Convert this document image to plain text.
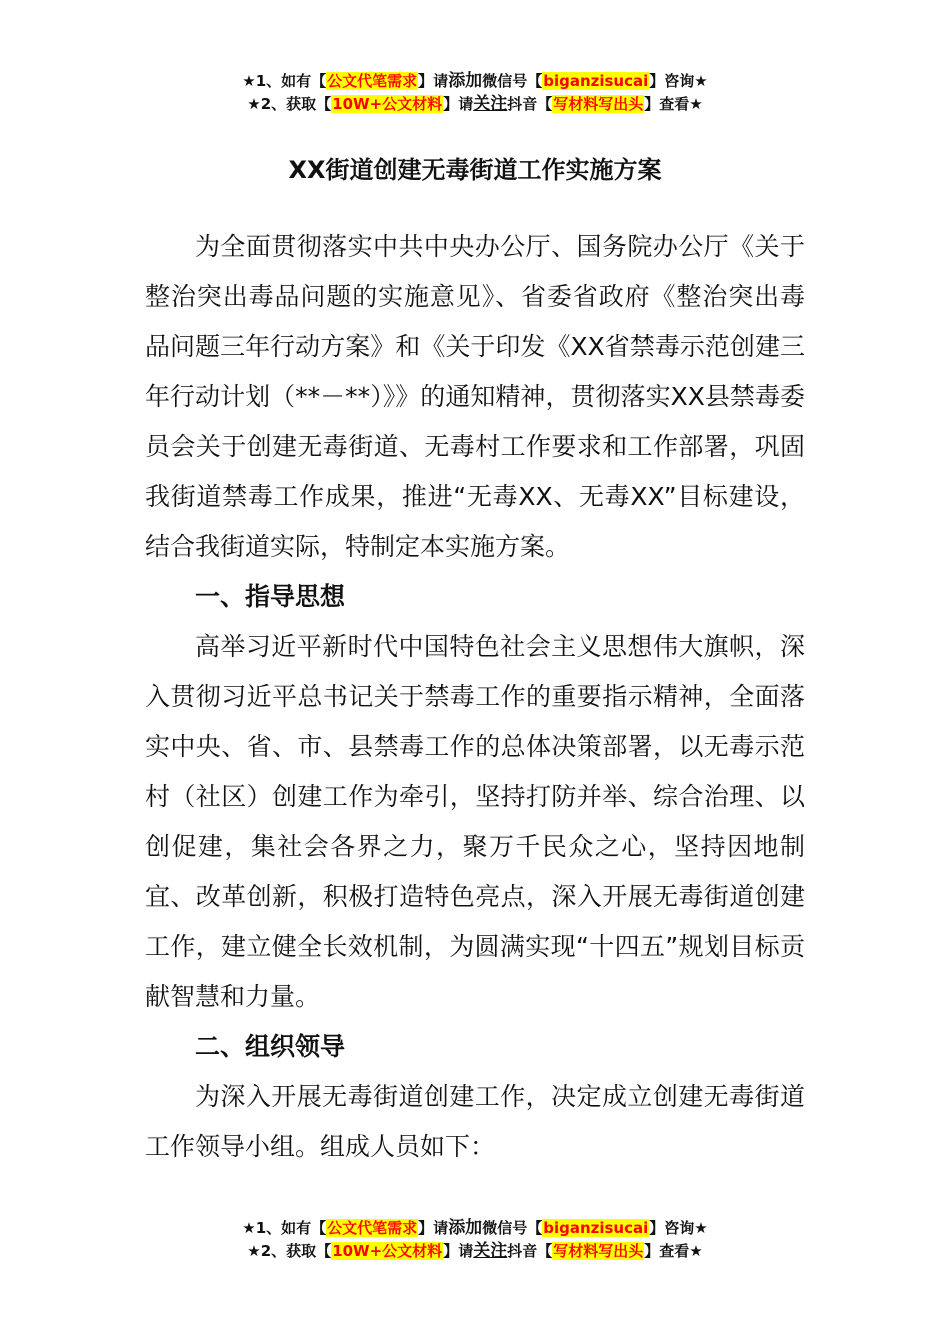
★1、如有【公文代笔需求】请添加微信号【biganzisucai】咨询★
★2、获取【10W+公文材料】请关注抖音【写材料写出头】查看★
XX街道创建无毒街道工作实施方案

为全面贯彻落实中共中央办公厅、国务院办公厅《关于整治突出毒品问题的实施意见》、省委省政府《整治突出毒品问题三年行动方案》和《关于印发《XX省禁毒示范创建三年行动计划（**－**）》》的通知精神，贯彻落实XX县禁毒委员会关于创建无毒街道、无毒村工作要求和工作部署，巩固我街道禁毒工作成果，推进“无毒XX、无毒XX”目标建设，结合我街道实际，特制定本实施方案。

一、指导思想

高举习近平新时代中国特色社会主义思想伟大旗帜，深入贯彻习近平总书记关于禁毒工作的重要指示精神，全面落实中央、省、市、县禁毒工作的总体决策部署，以无毒示范村（社区）创建工作为牵引，坚持打防并举、综合治理、以创促建，集社会各界之力，聚万千民众之心，坚持因地制宜、改革创新，积极打造特色亮点，深入开展无毒街道创建工作，建立健全长效机制，为圆满实现“十四五”规划目标贡献智慧和力量。

二、组织领导

为深入开展无毒街道创建工作，决定成立创建无毒街道工作领导小组。组成人员如下：

★1、如有【公文代笔需求】请添加微信号【biganzisucai】咨询★
★2、获取【10W+公文材料】请关注抖音【写材料写出头】查看★
